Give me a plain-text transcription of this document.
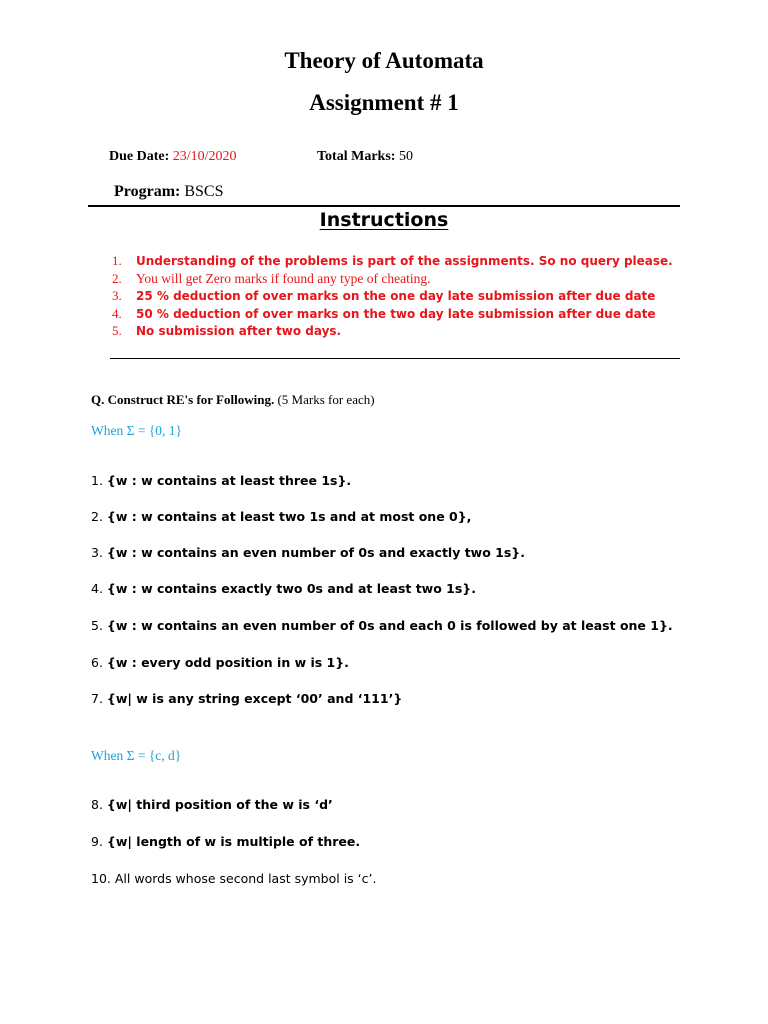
Theory of Automata
Assignment # 1
Due Date: 23/10/2020	Total Marks: 50
Program: BSCS
Instructions
1. Understanding of the problems is part of the assignments. So no query please.
2. You will get Zero marks if found any type of cheating.
3. 25 % deduction of over marks on the one day late submission after due date
4. 50 % deduction of over marks on the two day late submission after due date
5. No submission after two days.
Q. Construct RE's for Following. (5 Marks for each)
When Σ = {0, 1}
1. {w : w contains at least three 1s}.
2. {w : w contains at least two 1s and at most one 0},
3. {w : w contains an even number of 0s and exactly two 1s}.
4. {w : w contains exactly two 0s and at least two 1s}.
5. {w : w contains an even number of 0s and each 0 is followed by at least one 1}.
6. {w : every odd position in w is 1}.
7. {w| w is any string except ‘00’ and ‘111’}
When Σ = {c, d}
8. {w| third position of the w is ‘d’
9. {w| length of w is multiple of three.
10. All words whose second last symbol is ‘c’.
